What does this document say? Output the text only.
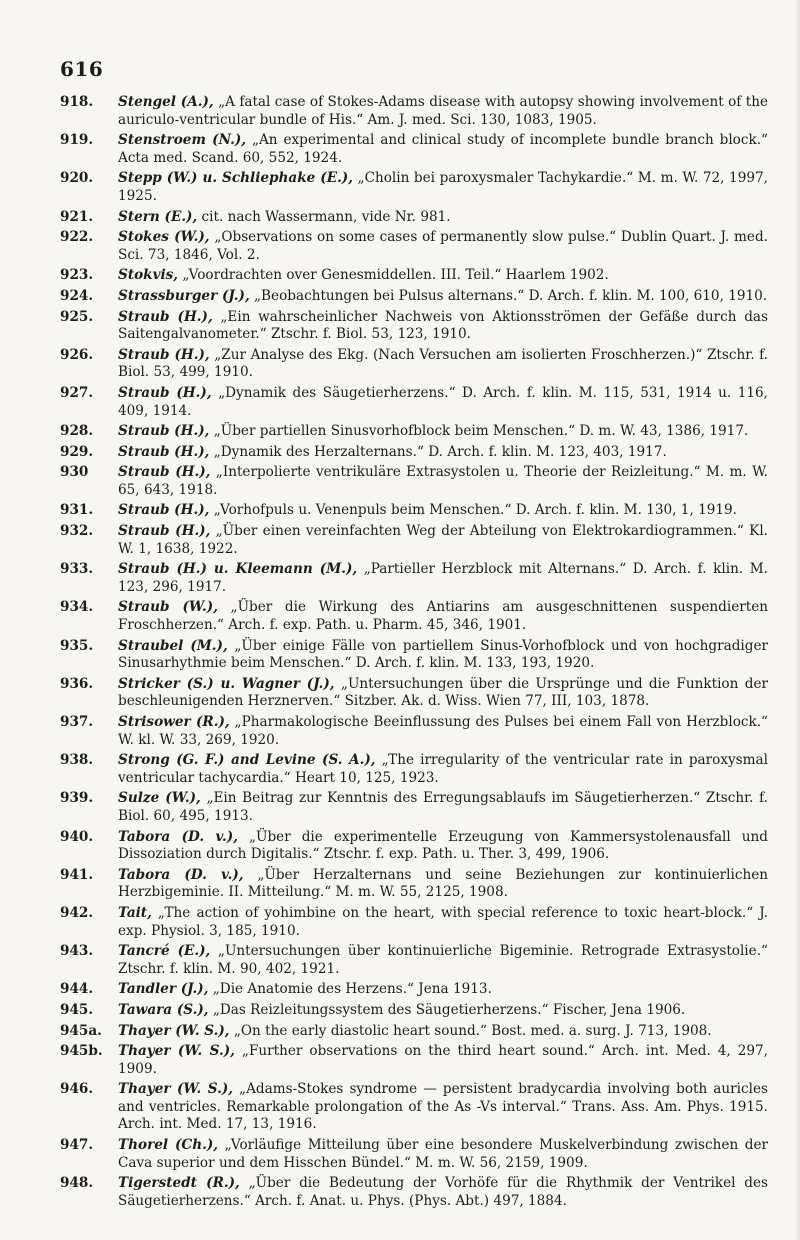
616
918. Stengel (A.), „A fatal case of Stokes-Adams disease with autopsy showing involvement of the auriculo-ventricular bundle of His.“ Am. J. med. Sci. 130, 1083, 1905.
919. Stenstroem (N.), „An experimental and clinical study of incomplete bundle branch block.“ Acta med. Scand. 60, 552, 1924.
920. Stepp (W.) u. Schliephake (E.), „Cholin bei paroxysmaler Tachykardie.“ M. m. W. 72, 1997, 1925.
921. Stern (E.), cit. nach Wassermann, vide Nr. 981.
922. Stokes (W.), „Observations on some cases of permanently slow pulse.“ Dublin Quart. J. med. Sci. 73, 1846, Vol. 2.
923. Stokvis, „Voordrachten over Genesmiddellen. III. Teil.“ Haarlem 1902.
924. Strassburger (J.), „Beobachtungen bei Pulsus alternans.“ D. Arch. f. klin. M. 100, 610, 1910.
925. Straub (H.), „Ein wahrscheinlicher Nachweis von Aktionsströmen der Gefäße durch das Saitengalvanometer.“ Ztschr. f. Biol. 53, 123, 1910.
926. Straub (H.), „Zur Analyse des Ekg. (Nach Versuchen am isolierten Froschherzen.)“ Ztschr. f. Biol. 53, 499, 1910.
927. Straub (H.), „Dynamik des Säugetierherzens.“ D. Arch. f. klin. M. 115, 531, 1914 u. 116, 409, 1914.
928. Straub (H.), „Über partiellen Sinusvorhofblock beim Menschen.“ D. m. W. 43, 1386, 1917.
929. Straub (H.), „Dynamik des Herzalternans.“ D. Arch. f. klin. M. 123, 403, 1917.
930 Straub (H.), „Interpolierte ventrikuläre Extrasystolen u. Theorie der Reizleitung.“ M. m. W. 65, 643, 1918.
931. Straub (H.), „Vorhofpuls u. Venenpuls beim Menschen.“ D. Arch. f. klin. M. 130, 1, 1919.
932. Straub (H.), „Über einen vereinfachten Weg der Abteilung von Elektrokardiogrammen.“ Kl. W. 1, 1638, 1922.
933. Straub (H.) u. Kleemann (M.), „Partieller Herzblock mit Alternans.“ D. Arch. f. klin. M. 123, 296, 1917.
934. Straub (W.), „Über die Wirkung des Antiarins am ausgeschnittenen suspendierten Froschherzen.“ Arch. f. exp. Path. u. Pharm. 45, 346, 1901.
935. Straubel (M.), „Über einige Fälle von partiellem Sinus-Vorhofblock und von hochgradiger Sinusarhythmie beim Menschen.“ D. Arch. f. klin. M. 133, 193, 1920.
936. Stricker (S.) u. Wagner (J.), „Untersuchungen über die Ursprünge und die Funktion der beschleunigenden Herznerven.“ Sitzber. Ak. d. Wiss. Wien 77, III, 103, 1878.
937. Strisower (R.), „Pharmakologische Beeinflussung des Pulses bei einem Fall von Herzblock.“ W. kl. W. 33, 269, 1920.
938. Strong (G. F.) and Levine (S. A.), „The irregularity of the ventricular rate in paroxysmal ventricular tachycardia.“ Heart 10, 125, 1923.
939. Sulze (W.), „Ein Beitrag zur Kenntnis des Erregungsablaufs im Säugetierherzen.“ Ztschr. f. Biol. 60, 495, 1913.
940. Tabora (D. v.), „Über die experimentelle Erzeugung von Kammersystolenausfall und Dissoziation durch Digitalis.“ Ztschr. f. exp. Path. u. Ther. 3, 499, 1906.
941. Tabora (D. v.), „Über Herzalternans und seine Beziehungen zur kontinuierlichen Herzbigeminie. II. Mitteilung.“ M. m. W. 55, 2125, 1908.
942. Tait, „The action of yohimbine on the heart, with special reference to toxic heart-block.“ J. exp. Physiol. 3, 185, 1910.
943. Tancré (E.), „Untersuchungen über kontinuierliche Bigeminie. Retrograde Extrasystolie.“ Ztschr. f. klin. M. 90, 402, 1921.
944. Tandler (J.), „Die Anatomie des Herzens.“ Jena 1913.
945. Tawara (S.), „Das Reizleitungssystem des Säugetierherzens.“ Fischer, Jena 1906.
945a. Thayer (W. S.), „On the early diastolic heart sound.“ Bost. med. a. surg. J. 713, 1908.
945b. Thayer (W. S.), „Further observations on the third heart sound.“ Arch. int. Med. 4, 297, 1909.
946. Thayer (W. S.), „Adams-Stokes syndrome — persistent bradycardia involving both auricles and ventricles. Remarkable prolongation of the As -Vs interval.“ Trans. Ass. Am. Phys. 1915. Arch. int. Med. 17, 13, 1916.
947. Thorel (Ch.), „Vorläufige Mitteilung über eine besondere Muskelverbindung zwischen der Cava superior und dem Hisschen Bündel.“ M. m. W. 56, 2159, 1909.
948. Tigerstedt (R.), „Über die Bedeutung der Vorhöfe für die Rhythmik der Ventrikel des Säugetierherzens.“ Arch. f. Anat. u. Phys. (Phys. Abt.) 497, 1884.
